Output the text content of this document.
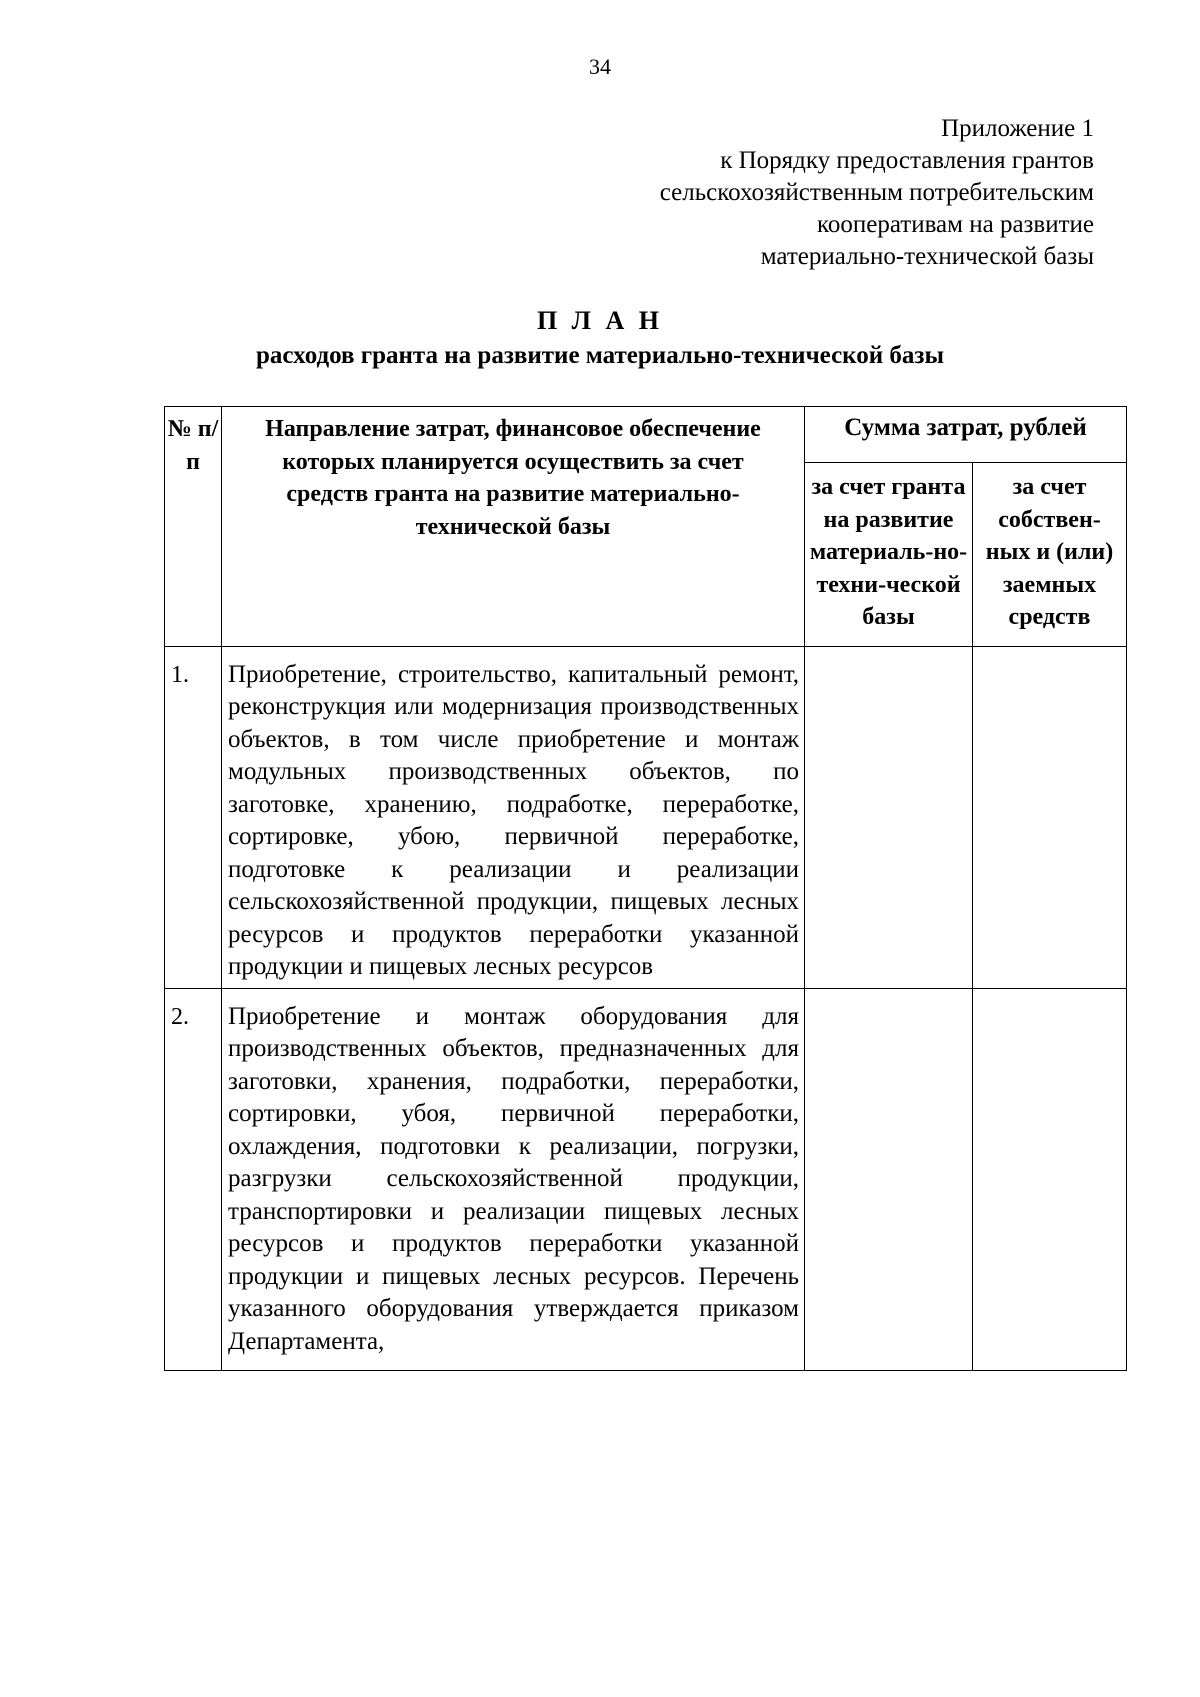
34
Приложение 1
к Порядку предоставления грантов
сельскохозяйственным потребительским
кооперативам на развитие
материально-технической базы
П Л А Н
расходов гранта на развитие материально-технической базы
№ п/п	Направление затрат, финансовое обеспечение которых планируется осуществить за счет средств гранта на развитие материально-технической базы	Сумма затрат, рублей	
		за счет гранта на развитие материаль-но-техни-ческой базы	за счет собствен-ных и (или) заемных средств
1.	Приобретение, строительство, капитальный ремонт, реконструкция или модернизация производственных объектов, в том числе приобретение и монтаж модульных производственных объектов, по заготовке, хранению, подработке, переработке, сортировке, убою, первичной переработке, подготовке к реализации и реализации сельскохозяйственной продукции, пищевых лесных ресурсов и продуктов переработки указанной продукции и пищевых лесных ресурсов		
2.	Приобретение и монтаж оборудования для производственных объектов, предназначенных для заготовки, хранения, подработки, переработки, сортировки, убоя, первичной переработки, охлаждения, подготовки к реализации, погрузки, разгрузки сельскохозяйственной продукции, транспортировки и реализации пищевых лесных ресурсов и продуктов переработки указанной продукции и пищевых лесных ресурсов. Перечень указанного оборудования утверждается приказом Департамента,		
